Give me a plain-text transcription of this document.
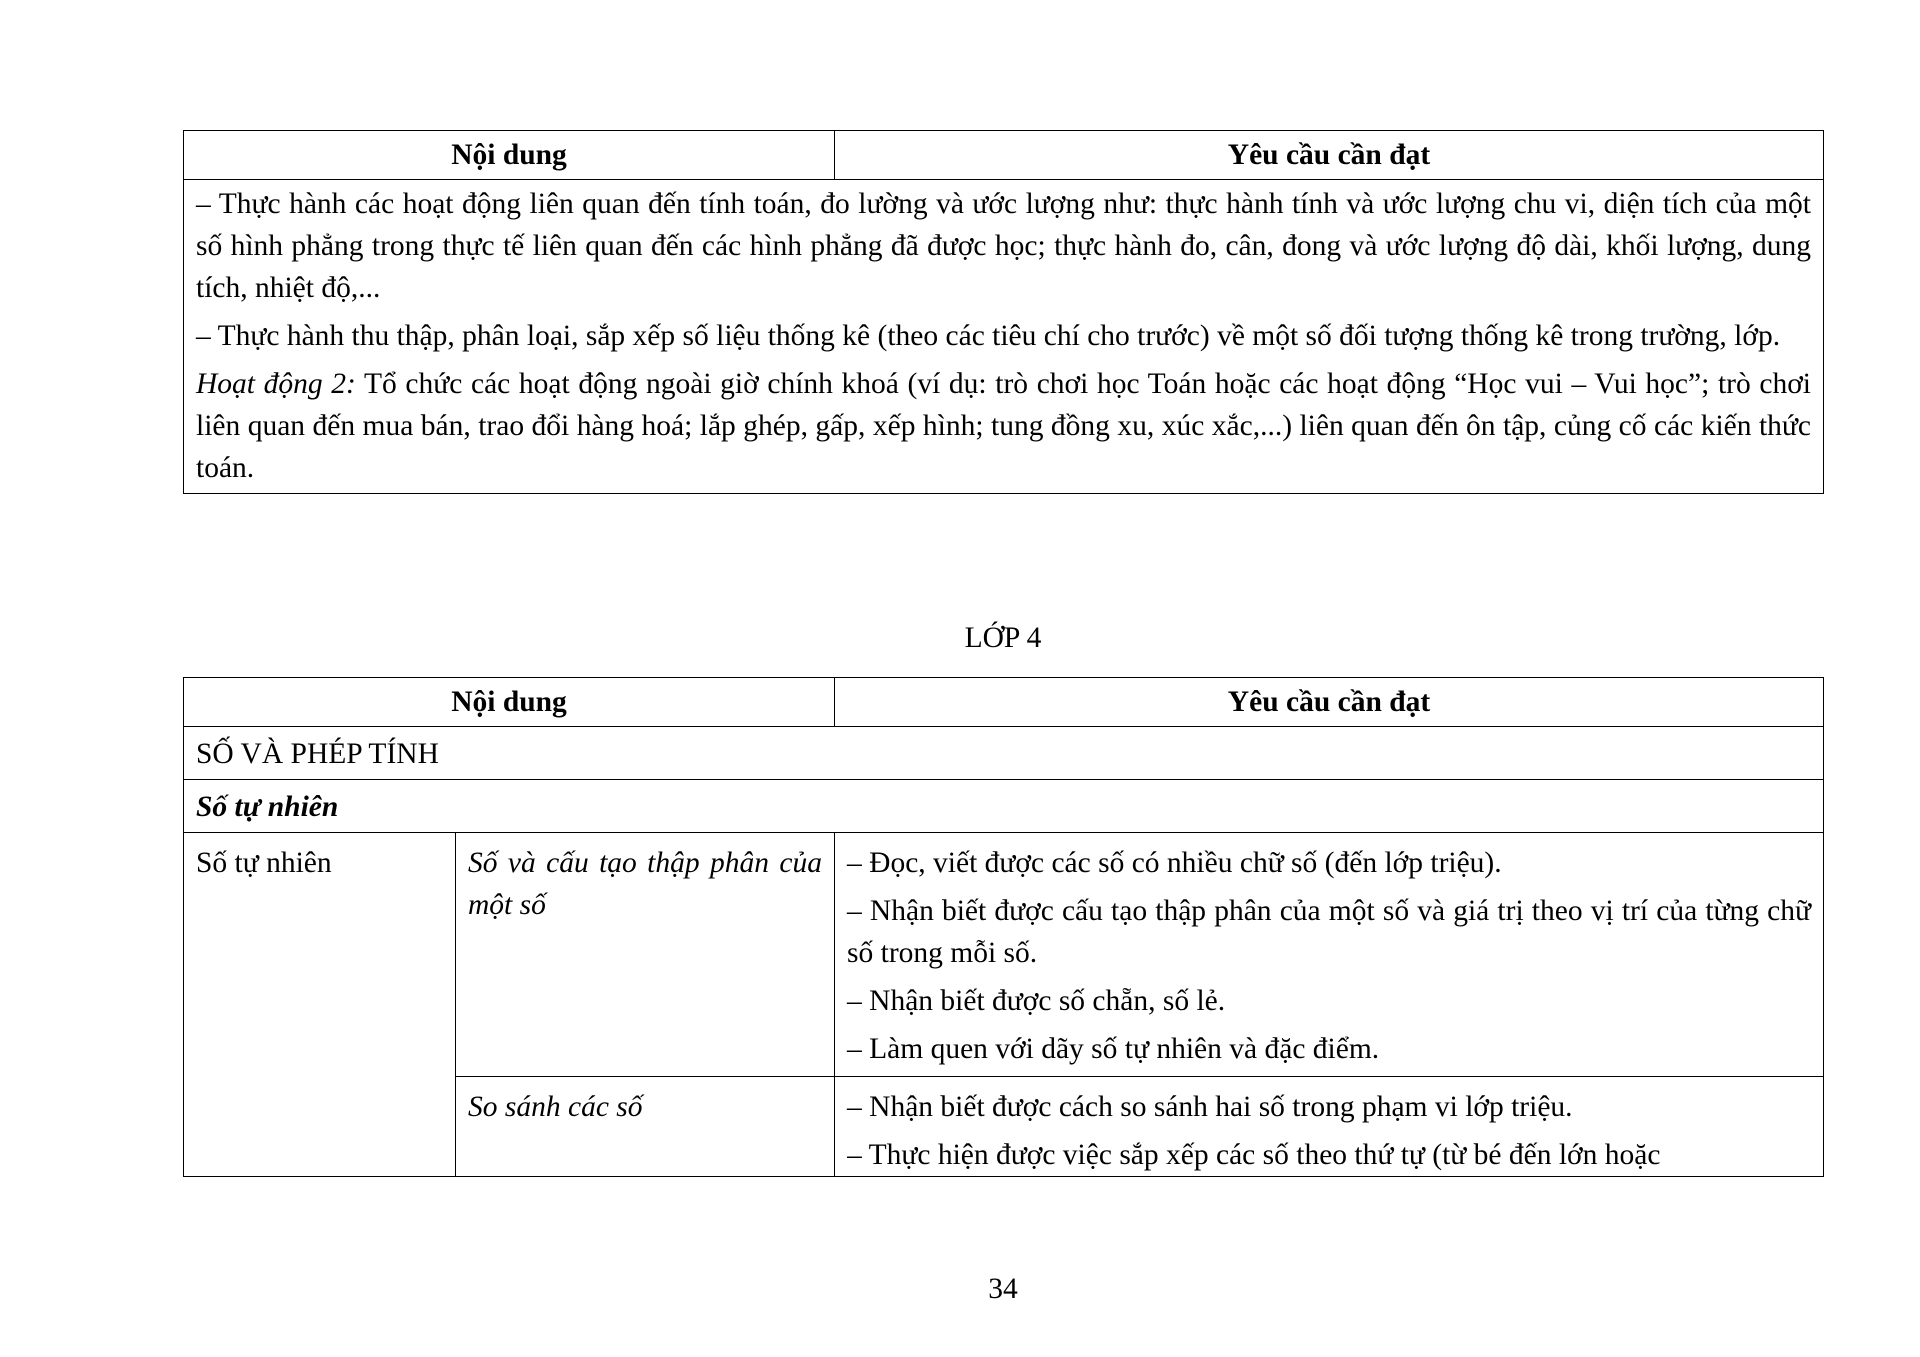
Nội dung	Yêu cầu cần đạt

– Thực hành các hoạt động liên quan đến tính toán, đo lường và ước lượng như: thực hành tính và ước lượng chu vi, diện tích của một số hình phẳng trong thực tế liên quan đến các hình phẳng đã được học; thực hành đo, cân, đong và ước lượng độ dài, khối lượng, dung tích, nhiệt độ,...

– Thực hành thu thập, phân loại, sắp xếp số liệu thống kê (theo các tiêu chí cho trước) về một số đối tượng thống kê trong trường, lớp.

Hoạt động 2: Tổ chức các hoạt động ngoài giờ chính khoá (ví dụ: trò chơi học Toán hoặc các hoạt động “Học vui – Vui học”; trò chơi liên quan đến mua bán, trao đổi hàng hoá; lắp ghép, gấp, xếp hình; tung đồng xu, xúc xắc,...) liên quan đến ôn tập, củng cố các kiến thức toán.

LỚP 4
Nội dung		Yêu cầu cần đạt
SỐ VÀ PHÉP TÍNH		
Số tự nhiên		
Số tự nhiên	Số và cấu tạo thập phân của một số	– Đọc, viết được các số có nhiều chữ số (đến lớp triệu).

– Nhận biết được cấu tạo thập phân của một số và giá trị theo vị trí của từng chữ số trong mỗi số.

– Nhận biết được số chẵn, số lẻ.

– Làm quen với dãy số tự nhiên và đặc điểm.

	So sánh các số	– Nhận biết được cách so sánh hai số trong phạm vi lớp triệu.

– Thực hiện được việc sắp xếp các số theo thứ tự (từ bé đến lớn hoặc

34
